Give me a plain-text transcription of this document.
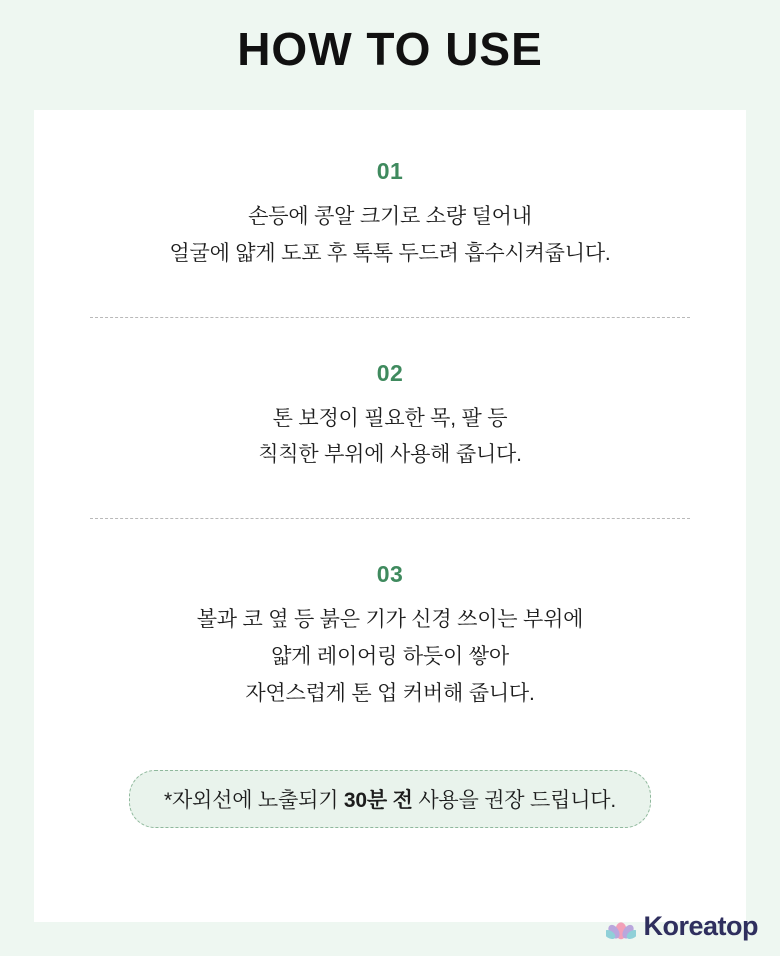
HOW TO USE
01
손등에 콩알 크기로 소량 덜어내
얼굴에 얇게 도포 후 톡톡 두드려 흡수시켜줍니다.
02
톤 보정이 필요한 목, 팔 등
칙칙한 부위에 사용해 줍니다.
03
볼과 코 옆 등 붉은 기가 신경 쓰이는 부위에
얇게 레이어링 하듯이 쌓아
자연스럽게 톤 업 커버해 줍니다.
*자외선에 노출되기 30분 전 사용을 권장 드립니다.
Koreatop
